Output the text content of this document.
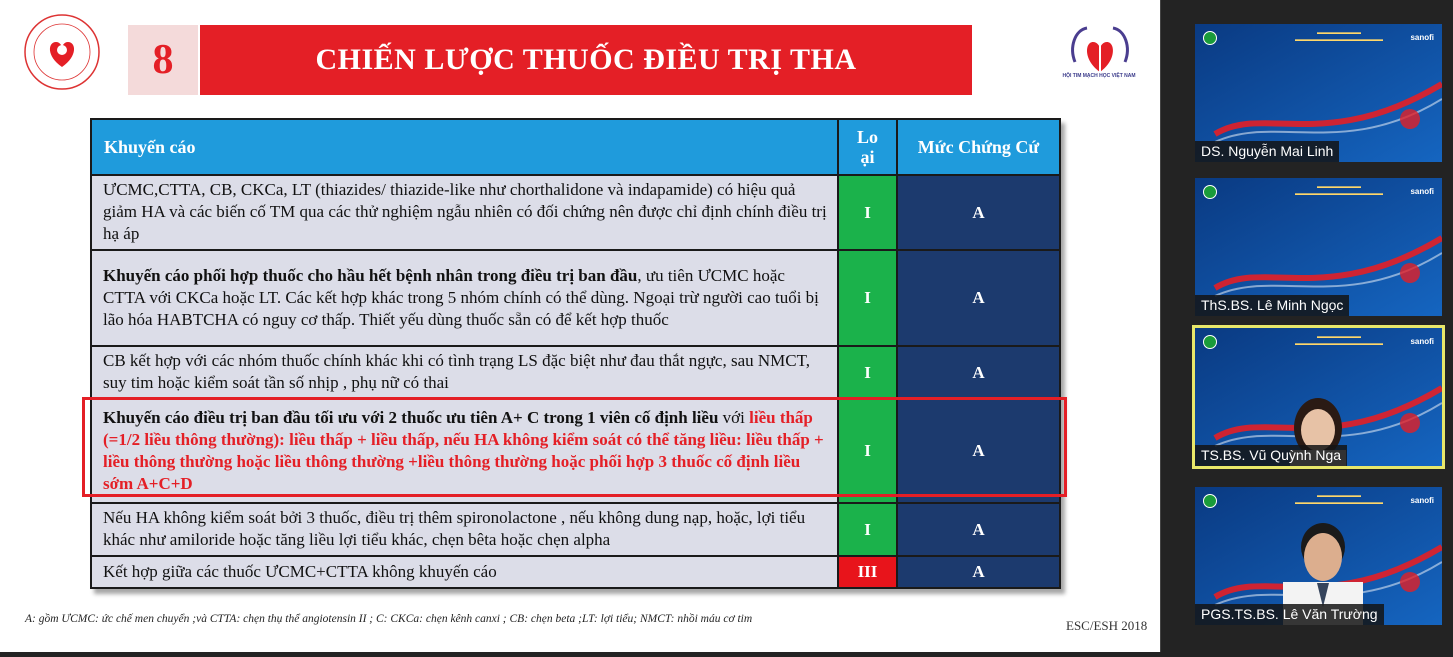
8	CHIẾN LƯỢC THUỐC ĐIỀU TRỊ THA	HỘI TIM MẠCH HỌC VIỆT NAM
Khuyến cáo	Loại	Mức Chứng Cứ
ƯCMC,CTTA, CB, CKCa, LT (thiazides/ thiazide-like như chorthalidone và indapamide) có hiệu quả giảm HA và các biến cố TM qua các thử nghiệm ngẫu nhiên có đối chứng nên được chỉ định chính điều trị hạ áp	I	A
Khuyến cáo phối hợp thuốc cho hầu hết bệnh nhân trong điều trị ban đầu, ưu tiên ƯCMC hoặc CTTA với CKCa hoặc LT. Các kết hợp khác trong 5 nhóm chính có thể dùng. Ngoại trừ người cao tuổi bị lão hóa HABTCHA có nguy cơ thấp. Thiết yếu dùng thuốc sẵn có để kết hợp thuốc	I	A
CB kết hợp với các nhóm thuốc chính khác khi có tình trạng LS đặc biệt như đau thắt ngực, sau NMCT, suy tim hoặc kiểm soát tần số nhịp , phụ nữ có thai	I	A
Khuyến cáo điều trị ban đầu tối ưu với 2 thuốc ưu tiên A+ C trong 1 viên cố định liều với liều thấp (=1/2 liều thông thường): liều thấp + liều thấp, nếu HA không kiểm soát có thể tăng liều: liều thấp + liều thông thường hoặc liều thông thường +liều thông thường hoặc phối hợp 3 thuốc cố định liều sớm A+C+D	I	A
Nếu HA không kiểm soát bởi 3 thuốc, điều trị thêm spironolactone , nếu không dung nạp, hoặc, lợi tiểu khác như amiloride hoặc tăng liều lợi tiểu khác, chẹn bêta hoặc chẹn alpha	I	A
Kết hợp giữa các thuốc ƯCMC+CTTA không khuyến cáo	III	A
A: gồm ƯCMC: ức chế men chuyển ;và CTTA: chẹn thụ thể angiotensin II ; C: CKCa: chẹn kênh canxi ; CB: chẹn beta ;LT: lợi tiểu; NMCT: nhồi máu cơ tim	ESC/ESH 2018
▬▬▬▬▬▬▬▬
▬▬▬▬▬▬▬▬▬▬▬▬▬▬▬▬	sanofi
DS. Nguyễn Mai Linh
▬▬▬▬▬▬▬▬
▬▬▬▬▬▬▬▬▬▬▬▬▬▬▬▬	sanofi
ThS.BS. Lê Minh Ngọc
▬▬▬▬▬▬▬▬
▬▬▬▬▬▬▬▬▬▬▬▬▬▬▬▬	sanofi
TS.BS. Vũ Quỳnh Nga
▬▬▬▬▬▬▬▬
▬▬▬▬▬▬▬▬▬▬▬▬▬▬▬▬	sanofi
PGS.TS.BS. Lê Văn Trường
